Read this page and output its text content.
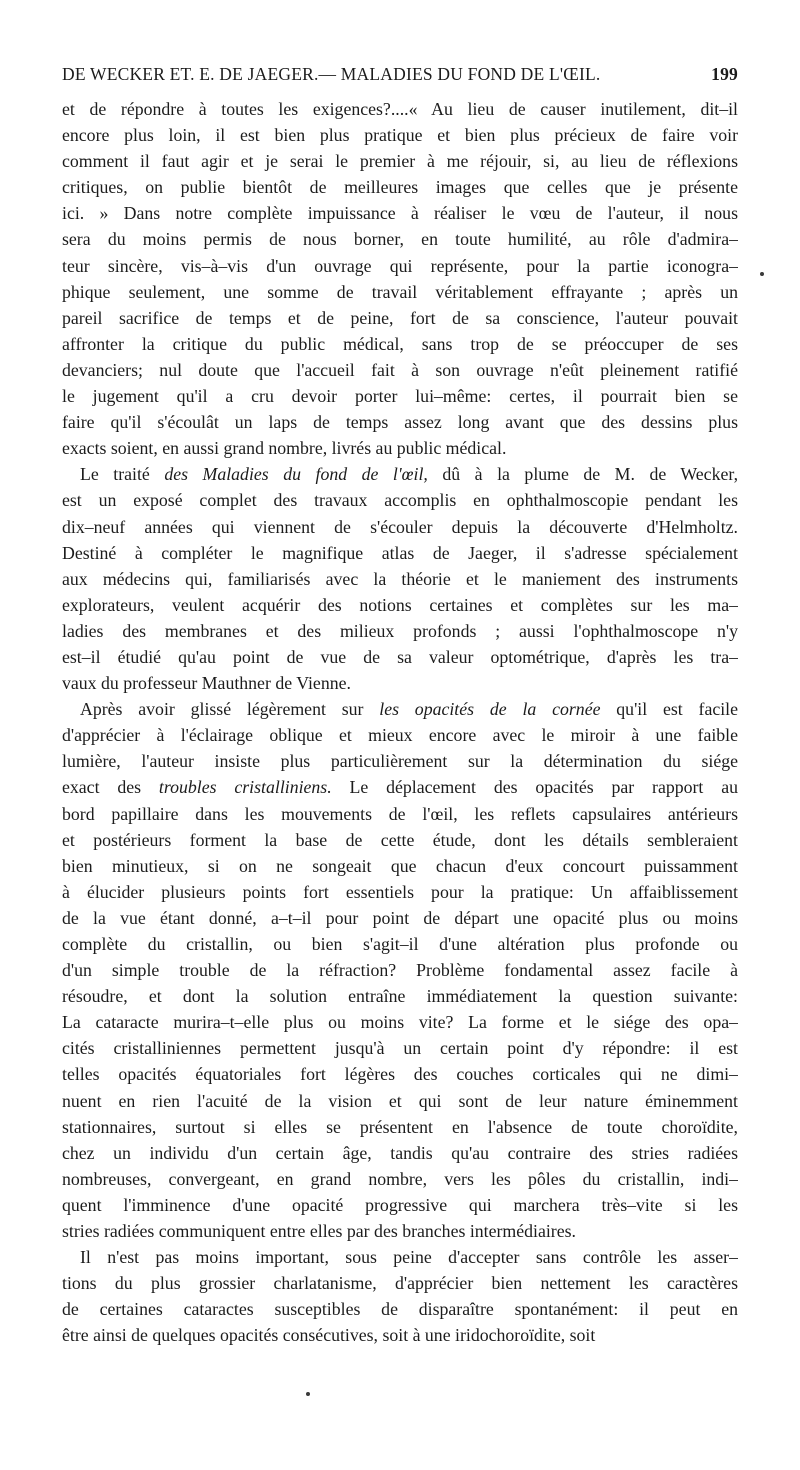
DE WECKER ET. E. DE JAEGER.— MALADIES DU FOND DE L'ŒIL.	199
et de répondre à toutes les exigences?....« Au lieu de causer inutilement, dit–il
encore plus loin, il est bien plus pratique et bien plus précieux de faire voir
comment il faut agir et je serai le premier à me réjouir, si, au lieu de réflexions
critiques, on publie bientôt de meilleures images que celles que je présente
ici. » Dans notre complète impuissance à réaliser le vœu de l'auteur, il nous
sera du moins permis de nous borner, en toute humilité, au rôle d'admira–
teur sincère, vis–à–vis d'un ouvrage qui représente, pour la partie iconogra–
phique seulement, une somme de travail véritablement effrayante ; après un
pareil sacrifice de temps et de peine, fort de sa conscience, l'auteur pouvait
affronter la critique du public médical, sans trop de se préoccuper de ses
devanciers; nul doute que l'accueil fait à son ouvrage n'eût pleinement ratifié
le jugement qu'il a cru devoir porter lui–même: certes, il pourrait bien se
faire qu'il s'écoulât un laps de temps assez long avant que des dessins plus
exacts soient, en aussi grand nombre, livrés au public médical.
Le traité des Maladies du fond de l'œil, dû à la plume de M. de Wecker,
est un exposé complet des travaux accomplis en ophthalmoscopie pendant les
dix–neuf années qui viennent de s'écouler depuis la découverte d'Helmholtz.
Destiné à compléter le magnifique atlas de Jaeger, il s'adresse spécialement
aux médecins qui, familiarisés avec la théorie et le maniement des instruments
explorateurs, veulent acquérir des notions certaines et complètes sur les ma–
ladies des membranes et des milieux profonds ; aussi l'ophthalmoscope n'y
est–il étudié qu'au point de vue de sa valeur optométrique, d'après les tra–
vaux du professeur Mauthner de Vienne.
Après avoir glissé légèrement sur les opacités de la cornée qu'il est facile
d'apprécier à l'éclairage oblique et mieux encore avec le miroir à une faible
lumière, l'auteur insiste plus particulièrement sur la détermination du siége
exact des troubles cristalliniens. Le déplacement des opacités par rapport au
bord papillaire dans les mouvements de l'œil, les reflets capsulaires antérieurs
et postérieurs forment la base de cette étude, dont les détails sembleraient
bien minutieux, si on ne songeait que chacun d'eux concourt puissamment
à élucider plusieurs points fort essentiels pour la pratique: Un affaiblissement
de la vue étant donné, a–t–il pour point de départ une opacité plus ou moins
complète du cristallin, ou bien s'agit–il d'une altération plus profonde ou
d'un simple trouble de la réfraction? Problème fondamental assez facile à
résoudre, et dont la solution entraîne immédiatement la question suivante:
La cataracte murira–t–elle plus ou moins vite? La forme et le siége des opa–
cités cristalliniennes permettent jusqu'à un certain point d'y répondre: il est
telles opacités équatoriales fort légères des couches corticales qui ne dimi–
nuent en rien l'acuité de la vision et qui sont de leur nature éminemment
stationnaires, surtout si elles se présentent en l'absence de toute choroïdite,
chez un individu d'un certain âge, tandis qu'au contraire des stries radiées
nombreuses, convergeant, en grand nombre, vers les pôles du cristallin, indi–
quent l'imminence d'une opacité progressive qui marchera très–vite si les
stries radiées communiquent entre elles par des branches intermédiaires.
Il n'est pas moins important, sous peine d'accepter sans contrôle les asser–
tions du plus grossier charlatanisme, d'apprécier bien nettement les caractères
de certaines cataractes susceptibles de disparaître spontanément: il peut en
être ainsi de quelques opacités consécutives, soit à une iridochoroïdite, soit
